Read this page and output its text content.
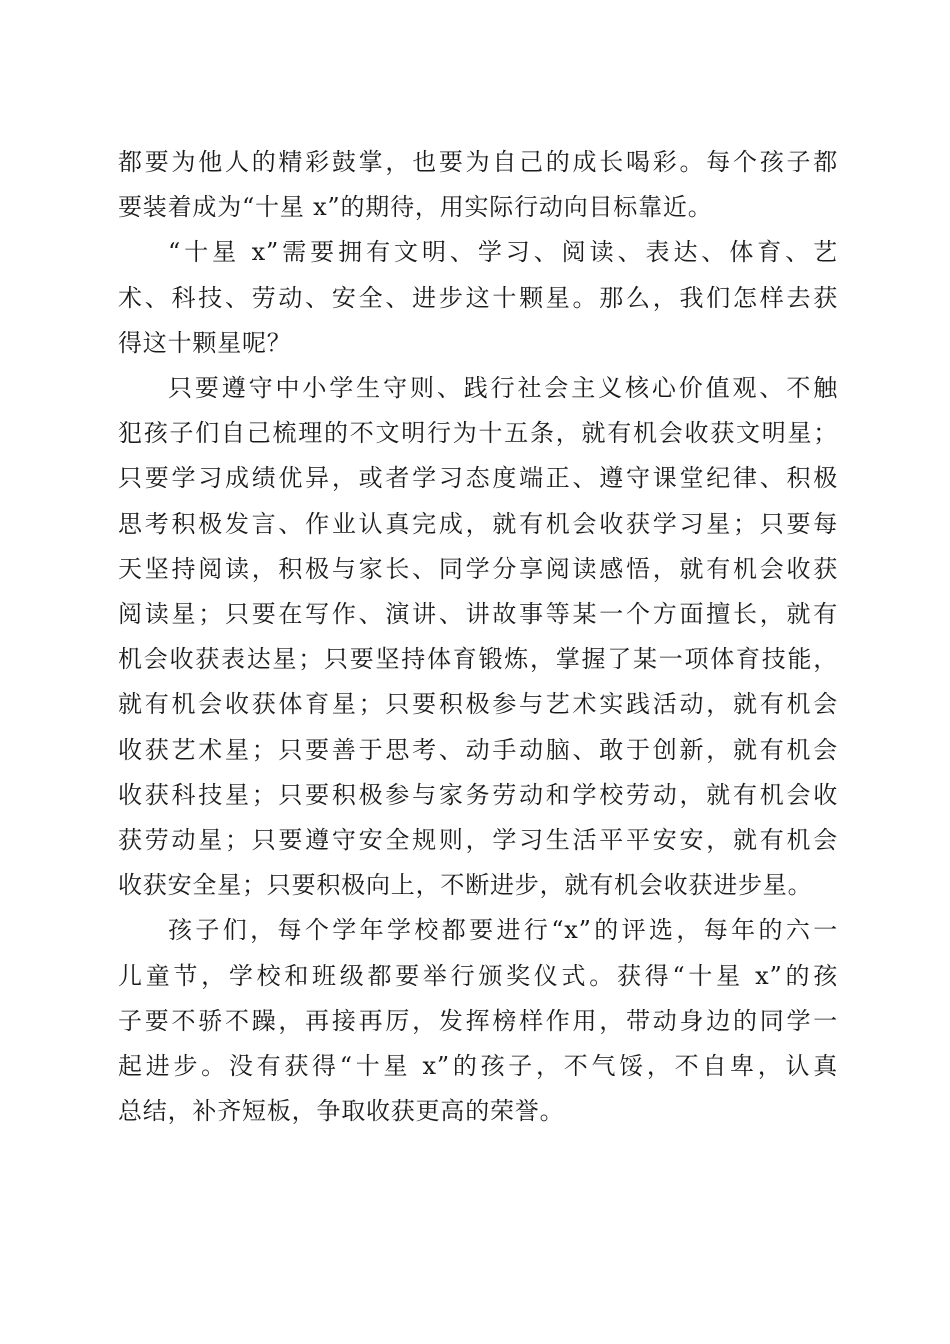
都要为他人的精彩鼓掌，也要为自己的成长喝彩。每个孩子都
要装着成为“十星 x”的期待，用实际行动向目标靠近。
“十星 x”需要拥有文明、学习、阅读、表达、体育、艺
术、科技、劳动、安全、进步这十颗星。那么，我们怎样去获
得这十颗星呢？
只要遵守中小学生守则、践行社会主义核心价值观、不触
犯孩子们自己梳理的不文明行为十五条，就有机会收获文明星；
只要学习成绩优异，或者学习态度端正、遵守课堂纪律、积极
思考积极发言、作业认真完成，就有机会收获学习星；只要每
天坚持阅读，积极与家长、同学分享阅读感悟，就有机会收获
阅读星；只要在写作、演讲、讲故事等某一个方面擅长，就有
机会收获表达星；只要坚持体育锻炼，掌握了某一项体育技能，
就有机会收获体育星；只要积极参与艺术实践活动，就有机会
收获艺术星；只要善于思考、动手动脑、敢于创新，就有机会
收获科技星；只要积极参与家务劳动和学校劳动，就有机会收
获劳动星；只要遵守安全规则，学习生活平平安安，就有机会
收获安全星；只要积极向上，不断进步，就有机会收获进步星。
孩子们，每个学年学校都要进行“x”的评选，每年的六一
儿童节，学校和班级都要举行颁奖仪式。获得“十星 x”的孩
子要不骄不躁，再接再厉，发挥榜样作用，带动身边的同学一
起进步。没有获得“十星 x”的孩子，不气馁，不自卑，认真
总结，补齐短板，争取收获更高的荣誉。
